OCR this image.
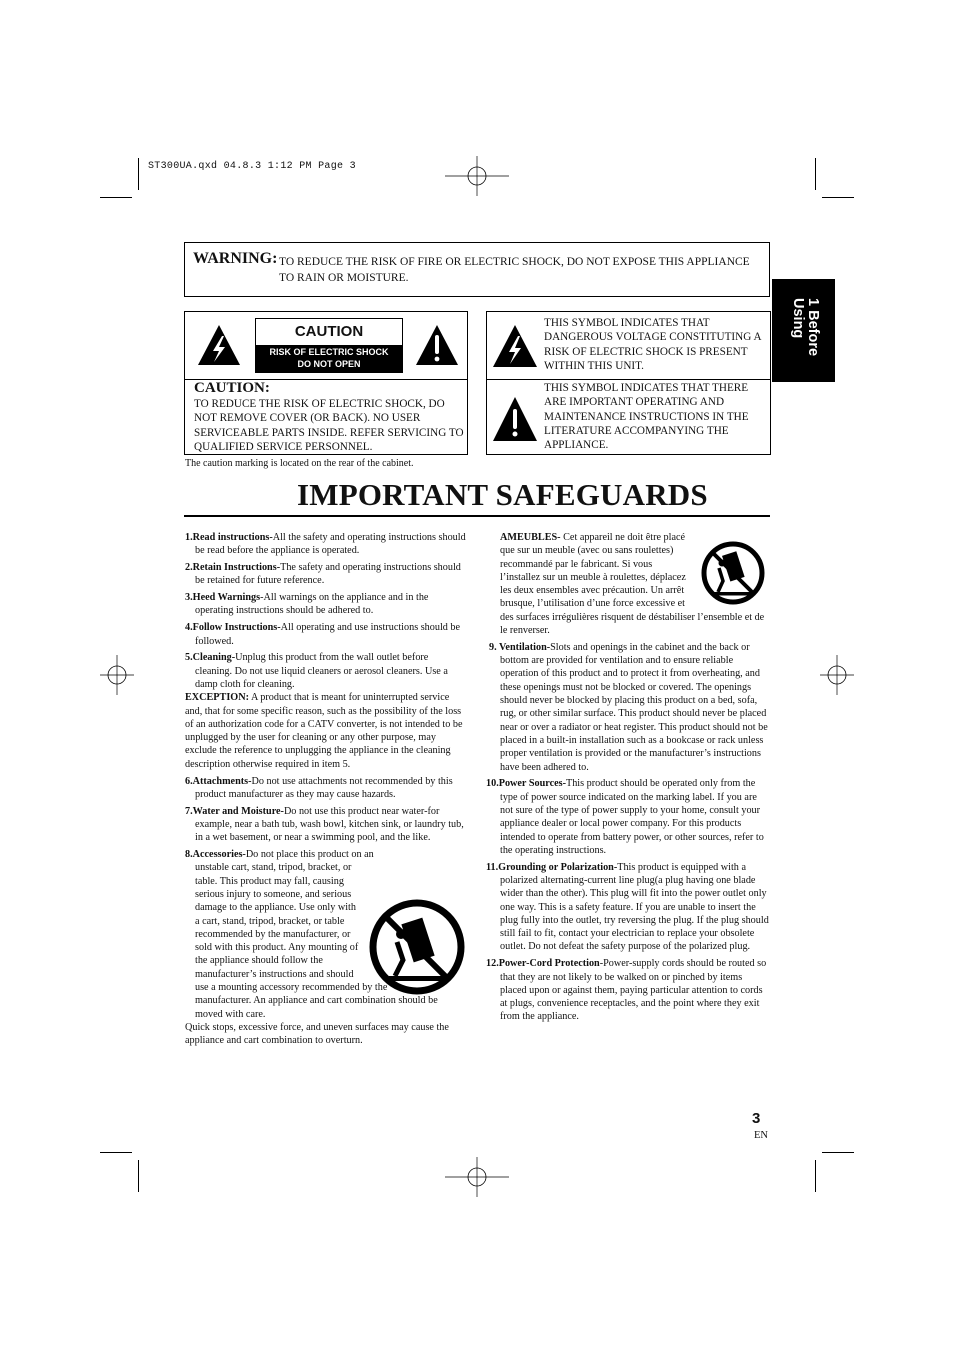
ST300UA.qxd 04.8.3 1:12 PM Page 3
1 Before
Using
WARNING: TO REDUCE THE RISK OF FIRE OR ELECTRIC SHOCK, DO NOT EXPOSE THIS APPLIANCE TO RAIN OR MOISTURE.
CAUTION
RISK OF ELECTRIC SHOCK
DO NOT OPEN
CAUTION:
TO REDUCE THE RISK OF ELECTRIC SHOCK, DO NOT REMOVE COVER (OR BACK). NO USER SERVICEABLE PARTS INSIDE. REFER SERVICING TO QUALIFIED SERVICE PERSONNEL.
THIS SYMBOL INDICATES THAT DANGEROUS VOLTAGE CONSTITUTING A RISK OF ELECTRIC SHOCK IS PRESENT WITHIN THIS UNIT.
THIS SYMBOL INDICATES THAT THERE ARE IMPORTANT OPERATING AND MAINTENANCE INSTRUCTIONS IN THE LITERATURE ACCOMPANYING THE APPLIANCE.
The caution marking is located on the rear of the cabinet.
IMPORTANT SAFEGUARDS

1.Read instructions-All the safety and operating instructions should be read before the appliance is operated.

2.Retain Instructions-The safety and operating instructions should be retained for future reference.

3.Heed Warnings-All warnings on the appliance and in the operating instructions should be adhered to.

4.Follow Instructions-All operating and use instructions should be followed.

5.Cleaning-Unplug this product from the wall outlet before cleaning. Do not use liquid cleaners or aerosol cleaners. Use a damp cloth for cleaning.

EXCEPTION: A product that is meant for uninterrupted service and, that for some specific reason, such as the possibility of the loss of an authorization code for a CATV converter, is not intended to be unplugged by the user for cleaning or any other purpose, may exclude the reference to unplugging the appliance in the cleaning description otherwise required in item 5.

6.Attachments-Do not use attachments not recommended by this product manufacturer as they may cause hazards.

7.Water and Moisture-Do not use this product near water-for example, near a bath tub, wash bowl, kitchen sink, or laundry tub, in a wet basement, or near a swimming pool, and the like.

8.Accessories-Do not place this product on an unstable cart, stand, tripod, bracket, or table. This product may fall, causing serious injury to someone, and serious damage to the appliance. Use only with a cart, stand, tripod, bracket, or table recommended by the manufacturer, or sold with this product. Any mounting of the appliance should follow the manufacturer’s instructions and should use a mounting accessory recommended by the manufacturer. An appliance and cart combination should be moved with care.

Quick stops, excessive force, and uneven surfaces may cause the appliance and cart combination to overturn.

AMEUBLES- Cet appareil ne doit être placé que sur un meuble (avec ou sans roulettes) recommandé par le fabricant. Si vous l’installez sur un meuble à roulettes, déplacez les deux ensembles avec précaution. Un arrêt brusque, l’utilisation d’une force excessive et des surfaces irrégulières risquent de déstabiliser l’ensemble et de le renverser.

9. Ventilation-Slots and openings in the cabinet and the back or bottom are provided for ventilation and to ensure reliable operation of this product and to protect it from overheating, and these openings must not be blocked or covered. The openings should never be blocked by placing this product on a bed, sofa, rug, or other similar surface. This product should never be placed near or over a radiator or heat register. This product should not be placed in a built-in installation such as a bookcase or rack unless proper ventilation is provided or the manufacturer’s instructions have been adhered to.

10.Power Sources-This product should be operated only from the type of power source indicated on the marking label. If you are not sure of the type of power supply to your home, consult your appliance dealer or local power company. For this products intended to operate from battery power, or other sources, refer to the operating instructions.

11.Grounding or Polarization-This product is equipped with a polarized alternating-current line plug(a plug having one blade wider than the other). This plug will fit into the power outlet only one way. This is a safety feature. If you are unable to insert the plug fully into the outlet, try reversing the plug. If the plug should still fail to fit, contact your electrician to replace your obsolete outlet. Do not defeat the safety purpose of the polarized plug.

12.Power-Cord Protection-Power-supply cords should be routed so that they are not likely to be walked on or pinched by items placed upon or against them, paying particular attention to cords at plugs, convenience receptacles, and the point where they exit from the appliance.

3
EN
